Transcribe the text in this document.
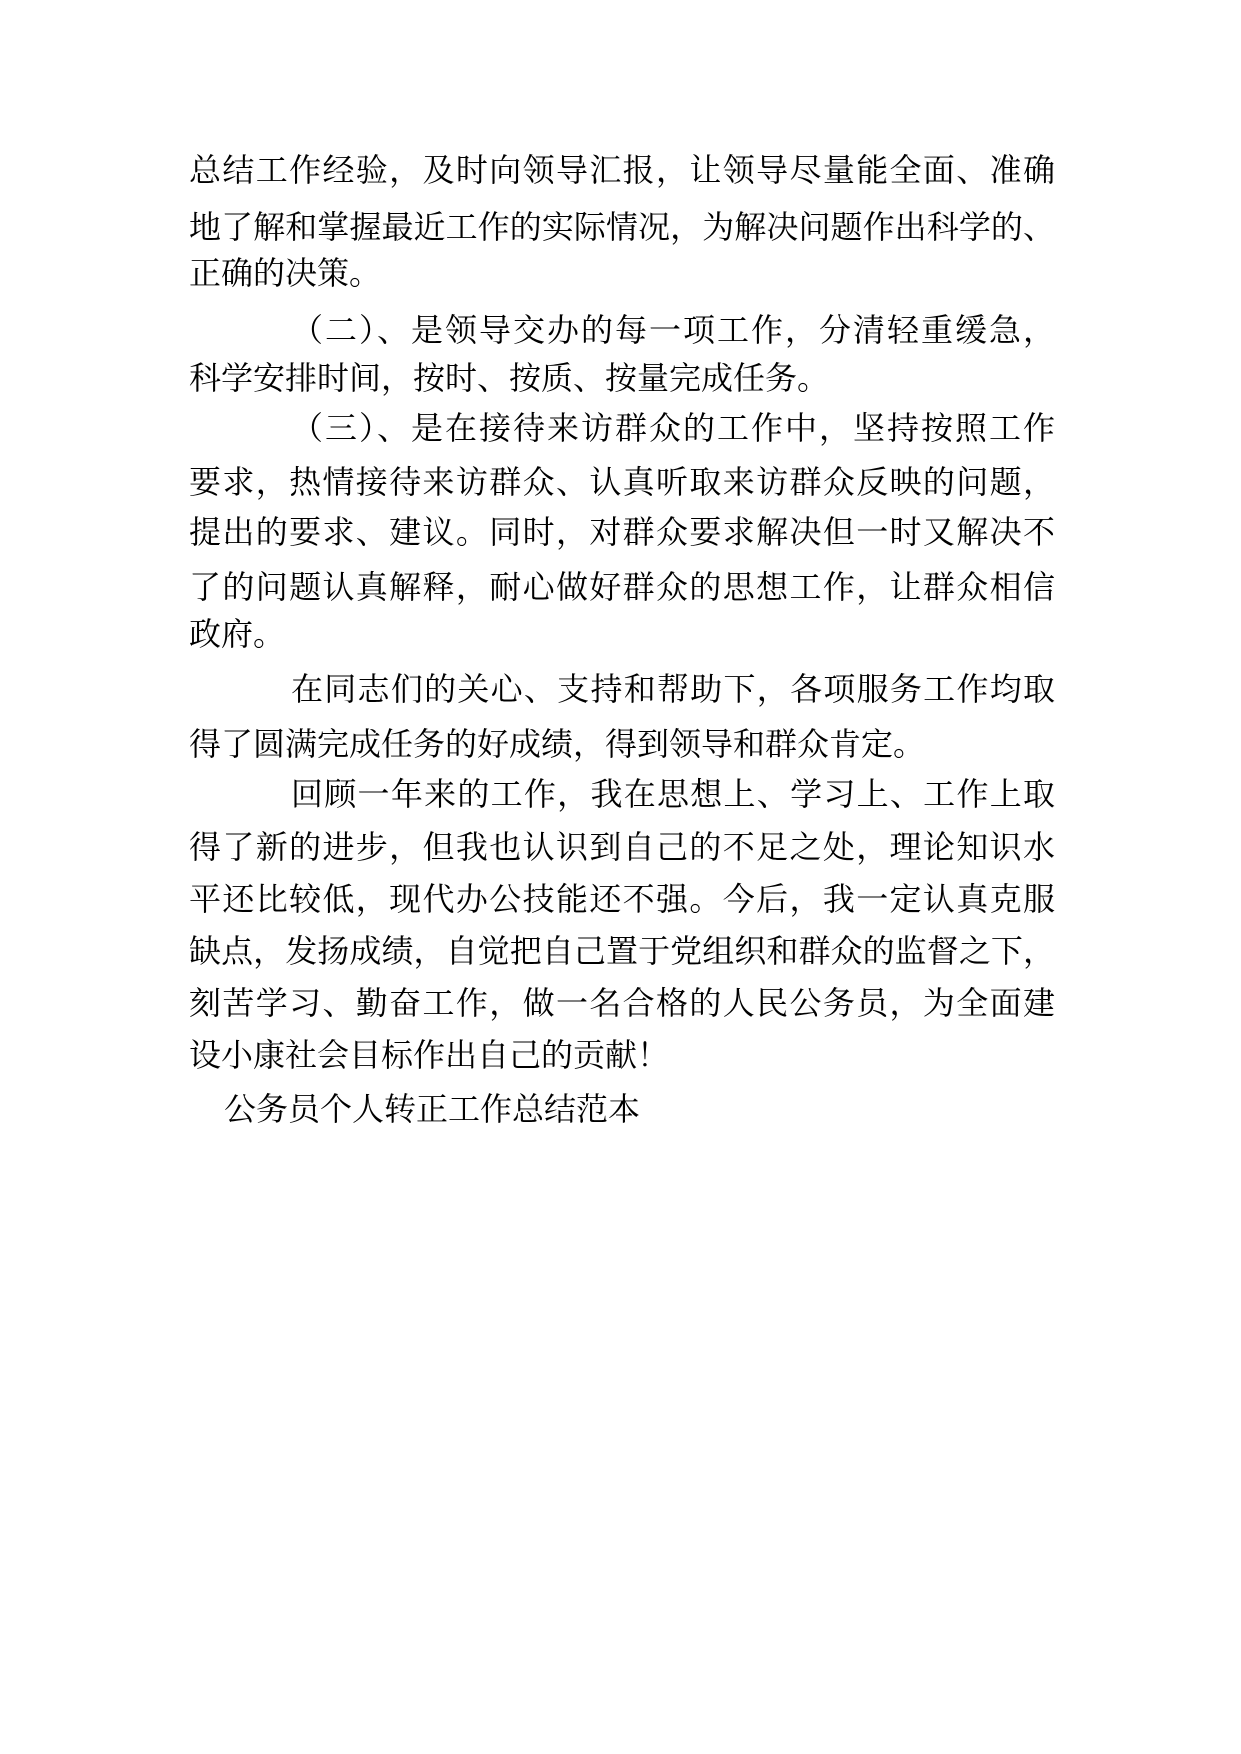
总结工作经验，及时向领导汇报，让领导尽量能全面、准确
地了解和掌握最近工作的实际情况，为解决问题作出科学的、
正确的决策。
（二）、是领导交办的每一项工作，分清轻重缓急，
科学安排时间，按时、按质、按量完成任务。
（三）、是在接待来访群众的工作中，坚持按照工作
要求，热情接待来访群众、认真听取来访群众反映的问题，
提出的要求、建议。同时，对群众要求解决但一时又解决不
了的问题认真解释，耐心做好群众的思想工作，让群众相信
政府。
在同志们的关心、支持和帮助下，各项服务工作均取
得了圆满完成任务的好成绩，得到领导和群众肯定。
回顾一年来的工作，我在思想上、学习上、工作上取
得了新的进步，但我也认识到自己的不足之处，理论知识水
平还比较低，现代办公技能还不强。今后，我一定认真克服
缺点，发扬成绩，自觉把自己置于党组织和群众的监督之下，
刻苦学习、勤奋工作，做一名合格的人民公务员，为全面建
设小康社会目标作出自己的贡献！
公务员个人转正工作总结范本
